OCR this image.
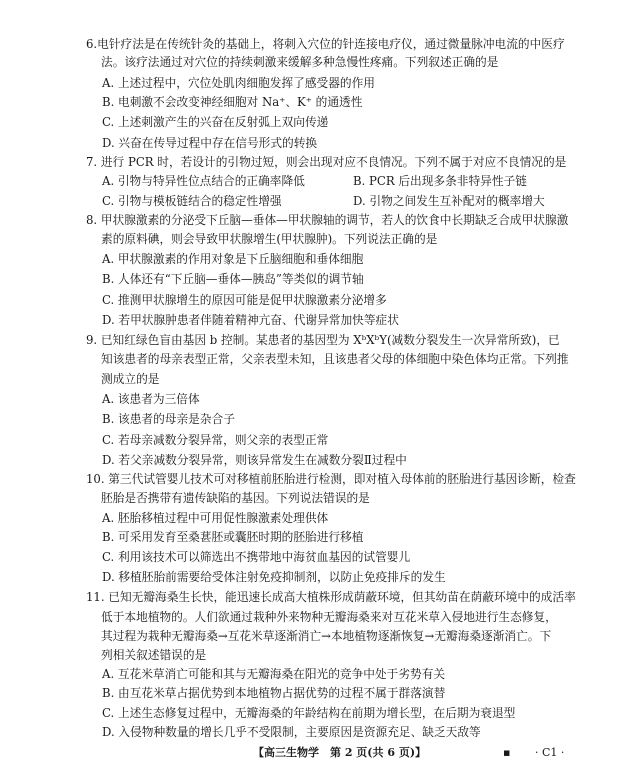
6.电针疗法是在传统针灸的基础上，将刺入穴位的针连接电疗仪，通过微量脉冲电流的中医疗
法。该疗法通过对穴位的持续刺激来缓解多种急慢性疼痛。下列叙述正确的是
A. 上述过程中，穴位处肌肉细胞发挥了感受器的作用
B. 电刺激不会改变神经细胞对 Na⁺、K⁺ 的通透性
C. 上述刺激产生的兴奋在反射弧上双向传递
D. 兴奋在传导过程中存在信号形式的转换
7. 进行 PCR 时，若设计的引物过短，则会出现对应不良情况。下列不属于对应不良情况的是
A. 引物与特异性位点结合的正确率降低	B. PCR 后出现多条非特异性子链
C. 引物与模板链结合的稳定性增强	D. 引物之间发生互补配对的概率增大
8. 甲状腺激素的分泌受下丘脑—垂体—甲状腺轴的调节，若人的饮食中长期缺乏合成甲状腺激
素的原料碘，则会导致甲状腺增生(甲状腺肿)。下列说法正确的是
A. 甲状腺激素的作用对象是下丘脑细胞和垂体细胞
B. 人体还有“下丘脑—垂体—胰岛”等类似的调节轴
C. 推测甲状腺增生的原因可能是促甲状腺激素分泌增多
D. 若甲状腺肿患者伴随着精神亢奋、代谢异常加快等症状
9. 已知红绿色盲由基因 b 控制。某患者的基因型为 XᵇXᵇY(减数分裂发生一次异常所致)，已
知该患者的母亲表型正常，父亲表型未知，且该患者父母的体细胞中染色体均正常。下列推
测成立的是
A. 该患者为三倍体
B. 该患者的母亲是杂合子
C. 若母亲减数分裂异常，则父亲的表型正常
D. 若父亲减数分裂异常，则该异常发生在减数分裂Ⅱ过程中
10. 第三代试管婴儿技术可对移植前胚胎进行检测，即对植入母体前的胚胎进行基因诊断，检查
胚胎是否携带有遗传缺陷的基因。下列说法错误的是
A. 胚胎移植过程中可用促性腺激素处理供体
B. 可采用发育至桑葚胚或囊胚时期的胚胎进行移植
C. 利用该技术可以筛选出不携带地中海贫血基因的试管婴儿
D. 移植胚胎前需要给受体注射免疫抑制剂，以防止免疫排斥的发生
11. 已知无瓣海桑生长快，能迅速长成高大植株形成荫蔽环境，但其幼苗在荫蔽环境中的成活率
低于本地植物的。人们欲通过栽种外来物种无瓣海桑来对互花米草入侵地进行生态修复，
其过程为栽种无瓣海桑→互花米草逐渐消亡→本地植物逐渐恢复→无瓣海桑逐渐消亡。下
列相关叙述错误的是
A. 互花米草消亡可能和其与无瓣海桑在阳光的竞争中处于劣势有关
B. 由互花米草占据优势到本地植物占据优势的过程不属于群落演替
C. 上述生态修复过程中，无瓣海桑的年龄结构在前期为增长型，在后期为衰退型
D. 入侵物种数量的增长几乎不受限制，主要原因是资源充足、缺乏天敌等
【高三生物学　第 2 页(共 6 页)】	▪ · C1 ·
